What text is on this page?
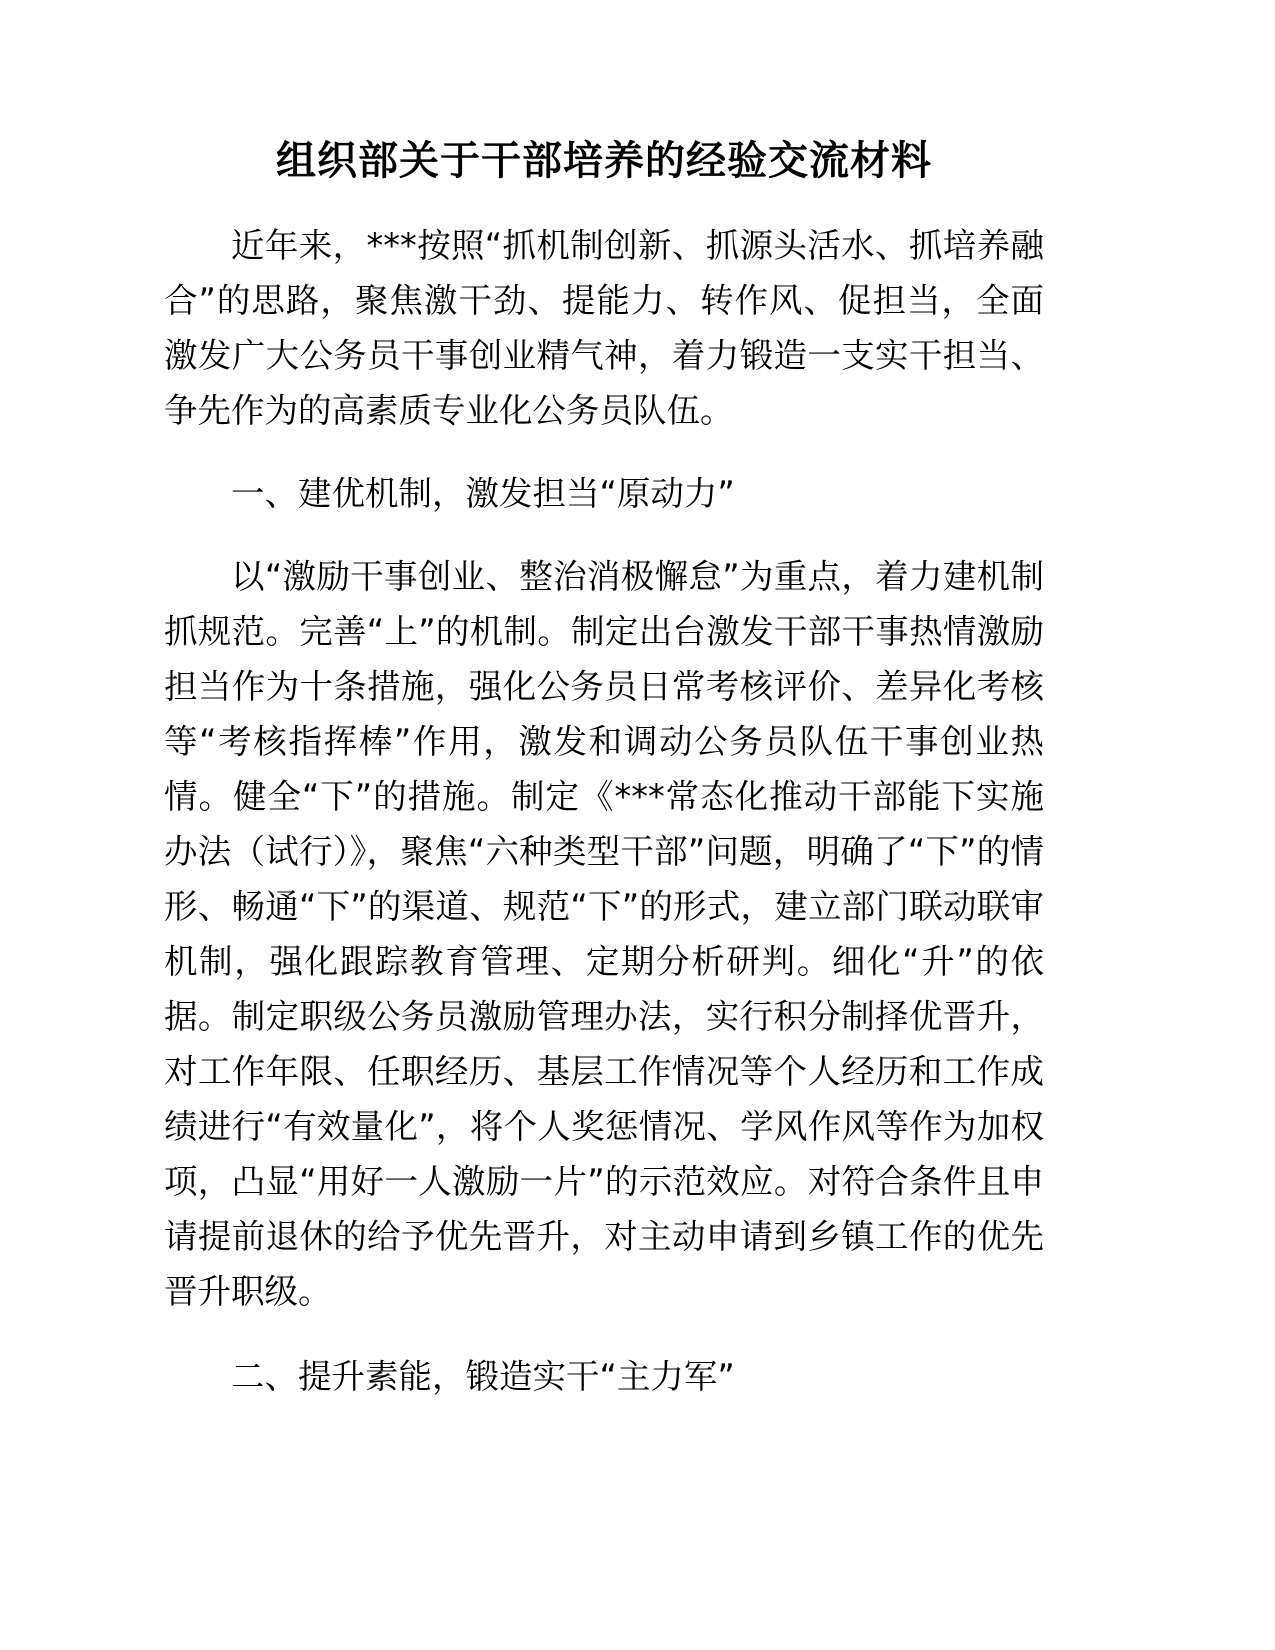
组织部关于干部培养的经验交流材料

近年来，***按照“抓机制创新、抓源头活水、抓培养融合”的思路，聚焦激干劲、提能力、转作风、促担当，全面激发广大公务员干事创业精气神，着力锻造一支实干担当、争先作为的高素质专业化公务员队伍。

一、建优机制，激发担当“原动力”

以“激励干事创业、整治消极懈怠”为重点，着力建机制抓规范。完善“上”的机制。制定出台激发干部干事热情激励担当作为十条措施，强化公务员日常考核评价、差异化考核等“考核指挥棒”作用，激发和调动公务员队伍干事创业热情。健全“下”的措施。制定《***常态化推动干部能下实施办法（试行）》，聚焦“六种类型干部”问题，明确了“下”的情形、畅通“下”的渠道、规范“下”的形式，建立部门联动联审机制，强化跟踪教育管理、定期分析研判。细化“升”的依据。制定职级公务员激励管理办法，实行积分制择优晋升，对工作年限、任职经历、基层工作情况等个人经历和工作成绩进行“有效量化”，将个人奖惩情况、学风作风等作为加权项，凸显“用好一人激励一片”的示范效应。对符合条件且申请提前退休的给予优先晋升，对主动申请到乡镇工作的优先晋升职级。

二、提升素能，锻造实干“主力军”
